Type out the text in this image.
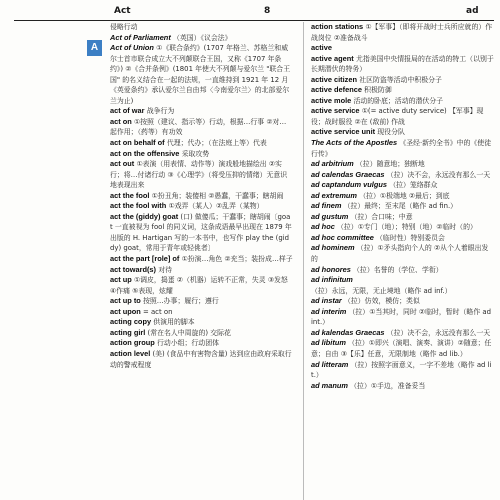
Act	8	ad
A

侵略行动

Act of Parliament （英国）《议会法》

Act of Union ①《联合条约》(1707 年格兰、苏格兰和威尔士首市联合成立大不列颠联合王国，又称《1707 年条约》) ②《合并条例》(1801 年使大不列颠与爱尔兰 "联合王国" 的名义结合在一起的法规，一直维持到 1921 年 12 月《英爱条约》承认爱尔兰自由邦〈今南爱尔兰〉的北部爱尔兰为止)

act of war 战争行为

act on ①按照（建议、指示等）行动，根据…行事 ②对…起作用；（药等）有功效

act on behalf of 代理；代办；（在法庭上等）代表

act on the offensive 采取攻势

act out ①表演（用表情、动作等）演戏般地描绘出 ②实行；将…付诸行动 ③《心理学》（将受压抑的情绪）无意识地表现出来

act the fool ①扮丑角；装傻相 ②愚蠢，干蠢事；瞎胡闹

act the fool with ①戏弄（某人）②乱弄（某物）

act the (giddy) goat (口) 做傻瓜；干蠢事；瞎胡闹〔goat 一直被视为 fool 的同义词，这条成语最早出现在 1879 年出版的 H. Hartigan 写的一本书中，也写作 play the (giddy) goat，常用于青年或轻佻者〕

act the part [role] of ①扮演…角色 ②充当；装扮成…样子

act toward(s) 对待

act up ①调皮，捣蛋 ②（机器）运转不正常，失灵 ③发怒 ④作痛 ⑤表现，炫耀

act up to 按照…办事；履行；遵行

act upon = act on

acting copy 供演用的脚本

acting girl (常在名人中周旋的) 交际花

action group 行动小组；行动团体

action level (美) (食品中有害物含量) 达到应由政府采取行动的警戒程度

action stations ①【军事】（即将开战时士兵所应就的）作战岗位 ②准备战斗

active

active agent 尤指美国中央情报局的在活动的特工（以别于长期潜伏的特务）

active citizen 社区防盗等活动中积极分子

active defence 积极防御

active mole 活动的卧底；活动的潜伏分子

active service ①(= active duty service) 【军事】现役；战时服役 ②在 (敌前) 作战

active service unit 现役分队

The Acts of the Apostles 《圣经·新约全书》中的《使徒行传》

ad arbitrium （拉）随意地；独断地

ad calendas Graecas （拉）决不会，永远没有那么一天

ad captandum vulgus （拉）笼络群众

ad extremum （拉）①极端地 ②最后；到底

ad finem （拉）最终；至末尾（略作 ad fin.）

ad gustum （拉）合口味；中意

ad hoc （拉）①专门（地）；特别（地）②临时（的）

ad hoc committee （临时性）特别委员会

ad hominem （拉）①矛头指向个人的 ②从个人着眼出发的

ad honores （拉）名誉的（学位、学衔）

ad infinitum （拉）永远，无限，无止境地（略作 ad inf.）

ad instar （拉）仿效，模仿；类似

ad interim （拉）①当其时，同时 ②临时，暂时（略作 ad int.）

ad kalendas Graecas （拉）决不会，永远没有那么一天

ad libitum （拉）①即兴（演唱、演奏、演讲）②随意；任意；自由 ③【乐】任意，无限制地（略作 ad lib.）

ad litteram （拉）按照字面意义，一字不差地（略作 ad lit.）

ad manum （拉）①手边，准备妥当
